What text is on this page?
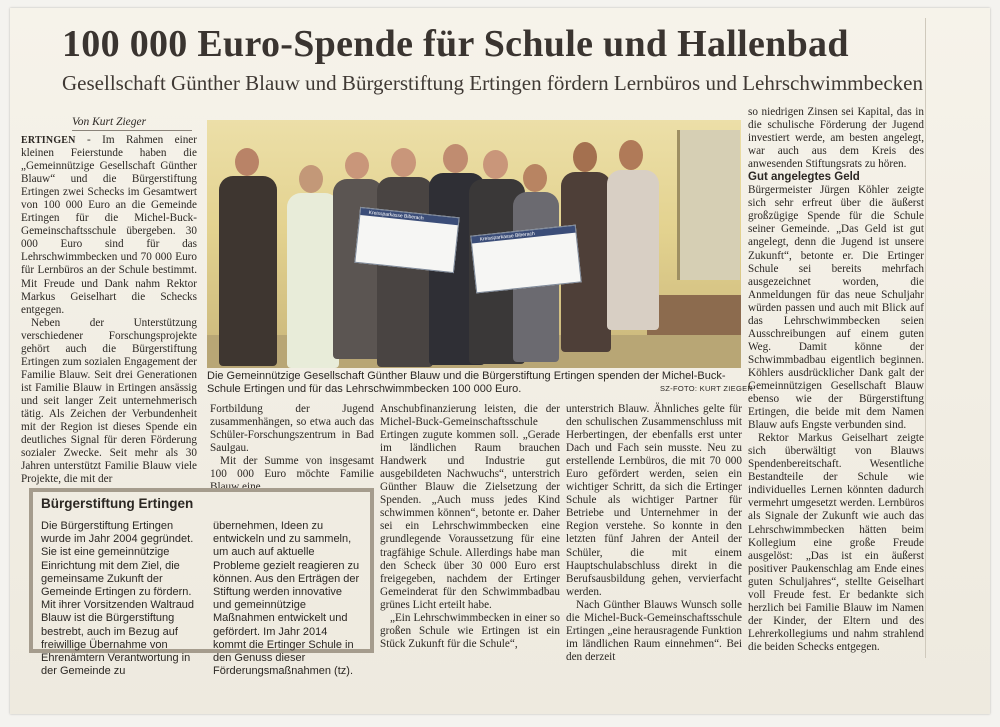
100 000 Euro-Spende für Schule und Hallenbad
Gesellschaft Günther Blauw und Bürgerstiftung Ertingen fördern Lernbüros und Lehrschwimmbecken
Von Kurt Zieger

ERTINGEN - Im Rahmen einer kleinen Feierstunde haben die „Gemeinnützige Gesellschaft Günther Blauw“ und die Bürgerstiftung Ertingen zwei Schecks im Gesamtwert von 100 000 Euro an die Gemeinde Ertingen für die Michel-Buck-Gemeinschaftsschule übergeben. 30 000 Euro sind für das Lehrschwimmbecken und 70 000 Euro für Lernbüros an der Schule bestimmt. Mit Freude und Dank nahm Rektor Markus Geiselhart die Schecks entgegen.

Neben der Unterstützung verschiedener Forschungsprojekte gehört auch die Bürgerstiftung Ertingen zum sozialen Engagement der Familie Blauw. Seit drei Generationen ist Familie Blauw in Ertingen ansässig und seit langer Zeit unternehmerisch tätig. Als Zeichen der Verbundenheit mit der Region ist dieses Spende ein deutliches Signal für deren Förderung sozialer Zwecke. Seit mehr als 30 Jahren unterstützt Familie Blauw viele Projekte, die mit der

Kreissparkasse Biberach
Kreissparkasse Biberach
Die Gemeinnützige Gesellschaft Günther Blauw und die Bürgerstiftung Ertingen spenden der Michel-Buck-Schule Ertingen und für das Lehrschwimmbecken 100 000 Euro.	SZ-FOTO: KURT ZIEGER

Fortbildung der Jugend zusammenhängen, so etwa auch das Schüler-Forschungszentrum in Bad Saulgau.

Mit der Summe von insgesamt 100 000 Euro möchte Familie

Anschubfinanzierung leisten, die der Michel-Buck-Gemeinschaftsschule Ertingen zugute kommen soll. „Gerade im ländlichen Raum brauchen Handwerk und Industrie gut ausgebildeten Nachwuchs“, unterstrich Günther Blauw die Zielsetzung der Spenden. „Auch muss jedes Kind schwimmen können“, betonte er. Daher sei ein Lehrschwimmbecken eine grundlegende Voraussetzung für eine tragfähige Schule. Allerdings habe man den Scheck über 30 000 Euro erst freigegeben, nachdem der Ertinger Gemeinderat für den Schwimmbadbau grünes Licht erteilt habe.

„Ein Lehrschwimmbecken in einer so großen Schule wie Ertingen ist ein Stück Zukunft für die Schule“,

unterstrich Blauw. Ähnliches gelte für den schulischen Zusammenschluss mit Herbertingen, der ebenfalls erst unter Dach und Fach sein musste. Neu zu erstellende Lernbüros, die mit 70 000 Euro gefördert werden, seien ein wichtiger Schritt, da sich die Ertinger Schule als wichtiger Partner für Betriebe und Unternehmer in der Region verstehe. So konnte in den letzten fünf Jahren der Anteil der Schüler, die mit einem Hauptschulabschluss direkt in die Berufsausbildung gehen, vervierfacht werden.

Nach Günther Blauws Wunsch solle die Michel-Buck-Gemeinschaftsschule Ertingen „eine herausragende Funktion im ländlichen Raum einnehmen“. Bei den derzeit

so niedrigen Zinsen sei Kapital, das in die schulische Förderung der Jugend investiert werde, am besten angelegt, war auch aus dem Kreis des anwesenden Stiftungsrats zu hören.

Gut angelegtes Geld

Bürgermeister Jürgen Köhler zeigte sich sehr erfreut über die äußerst großzügige Spende für die Schule seiner Gemeinde. „Das Geld ist gut angelegt, denn die Jugend ist unsere Zukunft“, betonte er. Die Ertinger Schule sei bereits mehrfach ausgezeichnet worden, die Anmeldungen für das neue Schuljahr würden passen und auch mit Blick auf das Lehrschwimmbecken seien Ausschreibungen auf einem guten Weg. Damit könne der Schwimmbadbau eigentlich beginnen. Köhlers ausdrücklicher Dank galt der Gemeinnützigen Gesellschaft Blauw ebenso wie der Bürgerstiftung Ertingen, die beide mit dem Namen Blauw aufs Engste verbunden sind.

Rektor Markus Geiselhart zeigte sich überwältigt von Blauws Spendenbereitschaft. Wesentliche Bestandteile der Schule wie individuelles Lernen könnten dadurch vermehrt umgesetzt werden. Lernbüros als Signale der Zukunft wie auch das Lehrschwimmbecken hätten beim Kollegium eine große Freude ausgelöst: „Das ist ein äußerst positiver Paukenschlag am Ende eines guten Schuljahres“, stellte Geiselhart voll Freude fest. Er bedankte sich herzlich bei Familie Blauw im Namen der Kinder, der Eltern und des Lehrerkollegiums und nahm strahlend die beiden Schecks entgegen.

Bürgerstiftung Ertingen

Die Bürgerstiftung Ertingen wurde im Jahr 2004 gegründet. Sie ist eine gemeinnützige Einrichtung mit dem Ziel, die gemeinsame Zukunft der Gemeinde Ertingen zu fördern. Mit ihrer Vorsitzenden Waltraud Blauw ist die Bürgerstiftung bestrebt, auch im Bezug auf freiwillige Übernahme von Ehrenämtern Verantwortung in der Gemeinde zu

übernehmen, Ideen zu entwickeln und zu sammeln, um auch auf aktuelle Probleme gezielt reagieren zu können. Aus den Erträgen der Stiftung werden innovative und gemeinnützige Maßnahmen entwickelt und gefördert. Im Jahr 2014 kommt die Ertinger Schule in den Genuss dieser Förderungsmaßnahmen (tz).
